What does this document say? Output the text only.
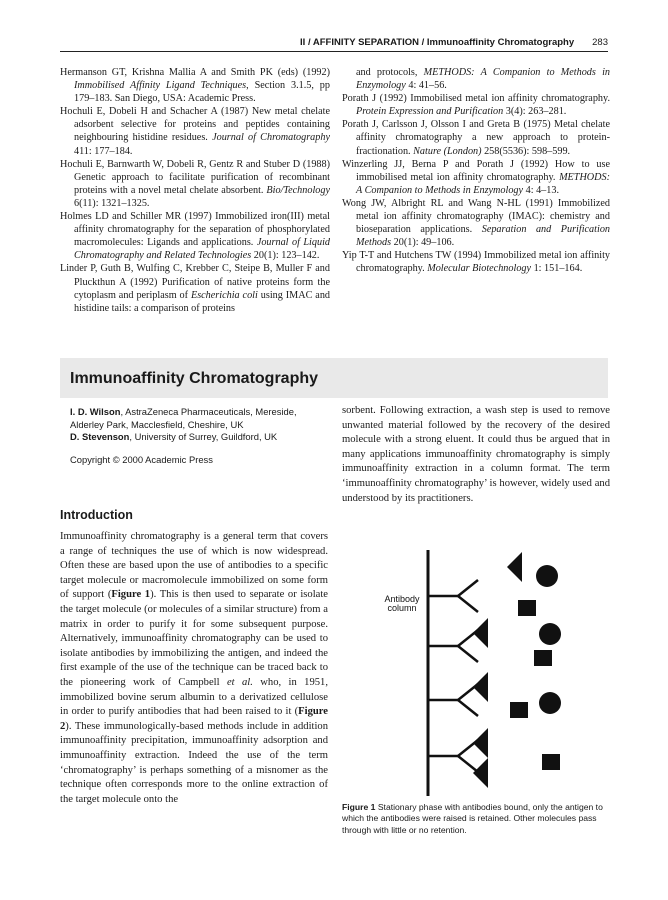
II / AFFINITY SEPARATION / Immunoaffinity Chromatography 283

Hermanson GT, Krishna Mallia A and Smith PK (eds) (1992) Immobilised Affinity Ligand Techniques, Section 3.1.5, pp 179–183. San Diego, USA: Academic Press.

Hochuli E, Dobeli H and Schacher A (1987) New metal chelate adsorbent selective for proteins and peptides containing neighbouring histidine residues. Journal of Chromatography 411: 177–184.

Hochuli E, Barnwarth W, Dobeli R, Gentz R and Stuber D (1988) Genetic approach to facilitate purification of recombinant proteins with a novel metal chelate absorbent. Bio/Technology 6(11): 1321–1325.

Holmes LD and Schiller MR (1997) Immobilized iron(III) metal affinity chromatography for the separation of phosphorylated macromolecules: Ligands and applications. Journal of Liquid Chromatography and Related Technologies 20(1): 123–142.

Linder P, Guth B, Wulfing C, Krebber C, Steipe B, Muller F and Pluckthun A (1992) Purification of native proteins form the cytoplasm and periplasm of Escherichia coli using IMAC and histidine tails: a comparison of proteins

and protocols, METHODS: A Companion to Methods in Enzymology 4: 41–56.

Porath J (1992) Immobilised metal ion affinity chromatography. Protein Expression and Purification 3(4): 263–281.

Porath J, Carlsson J, Olsson I and Greta B (1975) Metal chelate affinity chromatography a new approach to protein-fractionation. Nature (London) 258(5536): 598–599.

Winzerling JJ, Berna P and Porath J (1992) How to use immobilised metal ion affinity chromatography. METHODS: A Companion to Methods in Enzymology 4: 4–13.

Wong JW, Albright RL and Wang N-HL (1991) Immobilized metal ion affinity chromatography (IMAC): chemistry and bioseparation applications. Separation and Purification Methods 20(1): 49–106.

Yip T-T and Hutchens TW (1994) Immobilized metal ion affinity chromatography. Molecular Biotechnology 1: 151–164.

Immunoaffinity Chromatography
I. D. Wilson, AstraZeneca Pharmaceuticals, Mereside, Alderley Park, Macclesfield, Cheshire, UK
D. Stevenson, University of Surrey, Guildford, UK
Copyright © 2000 Academic Press
Introduction

Immunoaffinity chromatography is a general term that covers a range of techniques the use of which is now widespread. Often these are based upon the use of antibodies to a specific target molecule or macromolecule immobilized on some form of support (Figure 1). This is then used to separate or isolate the target molecule (or molecules of a similar structure) from a matrix in order to purify it for some subsequent purpose. Alternatively, immunoaffinity chromatography can be used to isolate antibodies by immobilizing the antigen, and indeed the first example of the use of the technique can be traced back to the pioneering work of Campbell et al. who, in 1951, immobilized bovine serum albumin to a derivatized cellulose in order to purify antibodies that had been raised to it (Figure 2). These immunologically-based methods include in addition immunoaffinity precipitation, immunoaffinity adsorption and immunoaffinity extraction. Indeed the use of the term ‘chromatography’ is perhaps something of a misnomer as the technique often corresponds more to the online extraction of the target molecule onto the

sorbent. Following extraction, a wash step is used to remove unwanted material followed by the recovery of the desired molecule with a strong eluent. It could thus be argued that in many applications immunoaffinity chromatography is simply immunoaffinity extraction in a column format. The term ‘immunoaffinity chromatography’ is however, widely used and understood by its practitioners.

Antibody
column

Figure 1 Stationary phase with antibodies bound, only the antigen to which the antibodies were raised is retained. Other molecules pass through with little or no retention.
